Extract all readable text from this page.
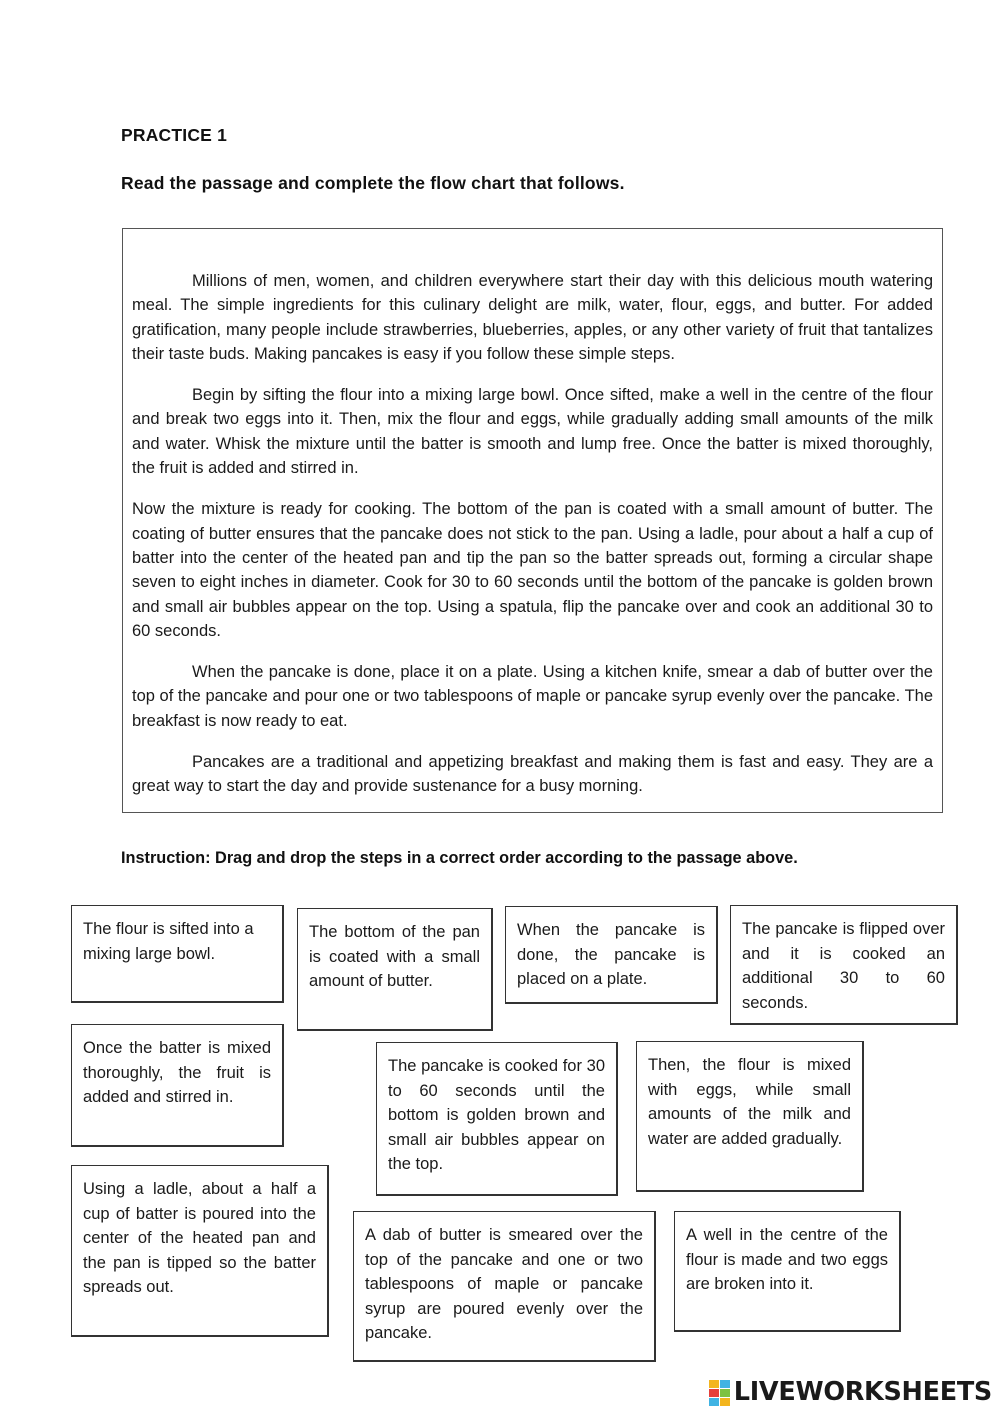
PRACTICE 1
Read the passage and complete the flow chart that follows.

Millions of men, women, and children everywhere start their day with this delicious mouth watering meal. The simple ingredients for this culinary delight are milk, water, flour, eggs, and butter. For added gratification, many people include strawberries, blueberries, apples, or any other variety of fruit that tantalizes their taste buds. Making pancakes is easy if you follow these simple steps.

Begin by sifting the flour into a mixing large bowl. Once sifted, make a well in the centre of the flour and break two eggs into it. Then, mix the flour and eggs, while gradually adding small amounts of the milk and water. Whisk the mixture until the batter is smooth and lump free. Once the batter is mixed thoroughly, the fruit is added and stirred in.

Now the mixture is ready for cooking. The bottom of the pan is coated with a small amount of butter. The coating of butter ensures that the pancake does not stick to the pan. Using a ladle, pour about a half a cup of batter into the center of the heated pan and tip the pan so the batter spreads out, forming a circular shape seven to eight inches in diameter. Cook for 30 to 60 seconds until the bottom of the pancake is golden brown and small air bubbles appear on the top. Using a spatula, flip the pancake over and cook an additional 30 to 60 seconds.

When the pancake is done, place it on a plate. Using a kitchen knife, smear a dab of butter over the top of the pancake and pour one or two tablespoons of maple or pancake syrup evenly over the pancake. The breakfast is now ready to eat.

Pancakes are a traditional and appetizing breakfast and making them is fast and easy. They are a great way to start the day and provide sustenance for a busy morning.

Instruction: Drag and drop the steps in a correct order according to the passage above.

The flour is sifted into a mixing large bowl.
The bottom of the pan is coated with a small amount of butter.
When the pancake is done, the pancake is placed on a plate.
The pancake is flipped over and it is cooked an additional 30 to 60 seconds.
Once the batter is mixed thoroughly, the fruit is added and stirred in.
The pancake is cooked for 30 to 60 seconds until the bottom is golden brown and small air bubbles appear on the top.
Then, the flour is mixed with eggs, while small amounts of the milk and water are added gradually.
Using a ladle, about a half a cup of batter is poured into the center of the heated pan and the pan is tipped so the batter spreads out.
A dab of butter is smeared over the top of the pancake and one or two tablespoons of maple or pancake syrup are poured evenly over the pancake.
A well in the centre of the flour is made and two eggs are broken into it.
LIVEWORKSHEETS
